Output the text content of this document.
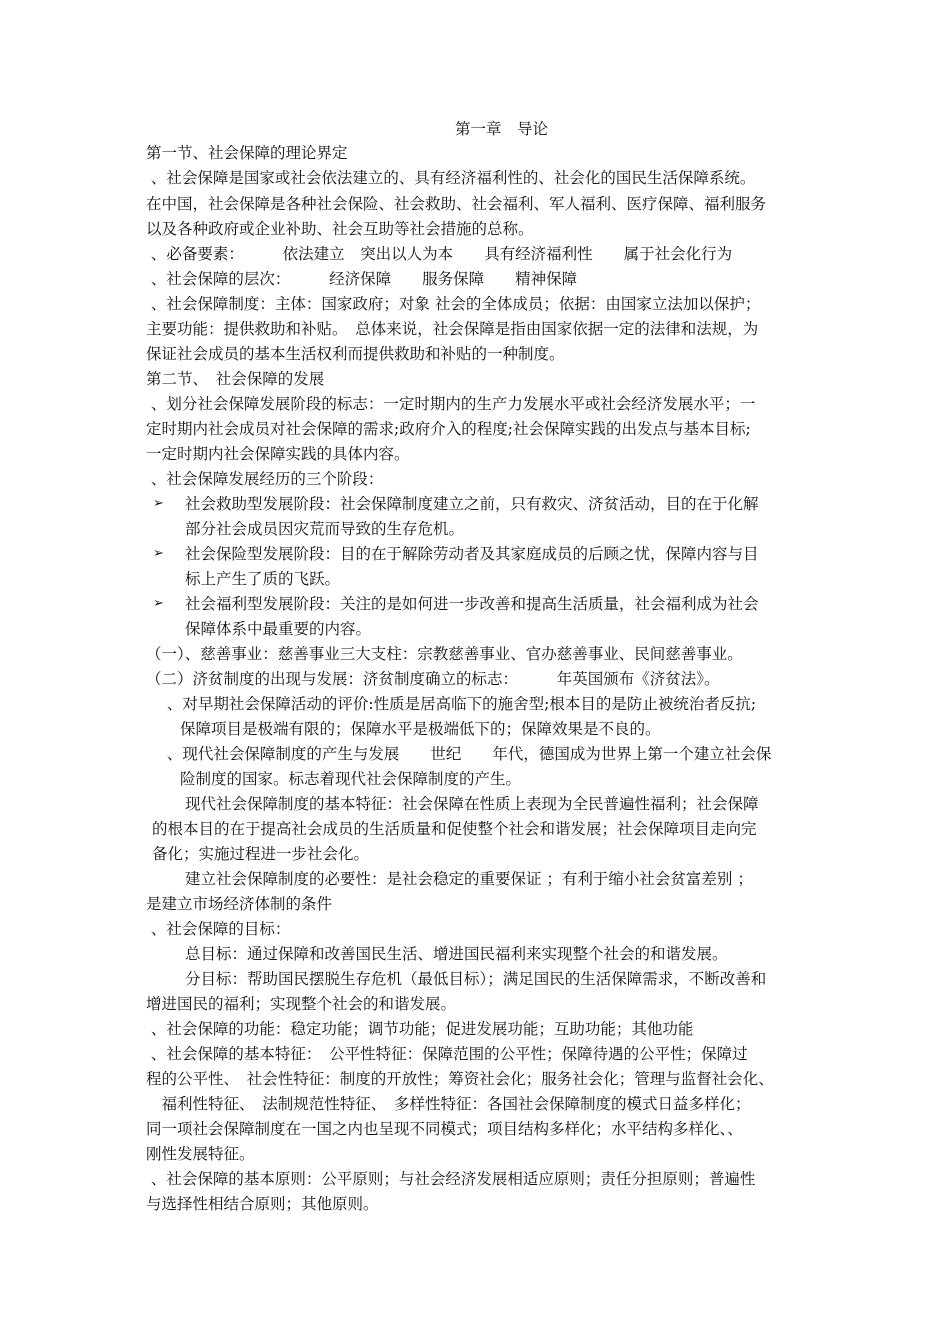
第一章　导论
第一节、社会保障的理论界定
、社会保障是国家或社会依法建立的、具有经济福利性的、社会化的国民生活保障系统。
在中国，社会保障是各种社会保险、社会救助、社会福利、军人福利、医疗保障、福利服务
以及各种政府或企业补助、社会互助等社会措施的总称。
、必备要素：　　　依法建立　突出以人为本　　具有经济福利性　　属于社会化行为
、社会保障的层次：　　　经济保障　　服务保障　　精神保障
、社会保障制度：主体：国家政府；对象 社会的全体成员；依据：由国家立法加以保护；
主要功能：提供救助和补贴。　总体来说，社会保障是指由国家依据一定的法律和法规，为
保证社会成员的基本生活权利而提供救助和补贴的一种制度。
第二节、　社会保障的发展
、划分社会保障发展阶段的标志：一定时期内的生产力发展水平或社会经济发展水平；一
定时期内社会成员对社会保障的需求;政府介入的程度;社会保障实践的出发点与基本目标;
一定时期内社会保障实践的具体内容。
、社会保障发展经历的三个阶段：
➢ 社会救助型发展阶段：社会保障制度建立之前，只有救灾、济贫活动，目的在于化解
部分社会成员因灾荒而导致的生存危机。
➢ 社会保险型发展阶段：目的在于解除劳动者及其家庭成员的后顾之忧，保障内容与目
标上产生了质的飞跃。
➢ 社会福利型发展阶段：关注的是如何进一步改善和提高生活质量，社会福利成为社会
保障体系中最重要的内容。
（一）、慈善事业：慈善事业三大支柱：宗教慈善事业、官办慈善事业、民间慈善事业。
（二）济贫制度的出现与发展：济贫制度确立的标志：　　　年英国颁布《济贫法》。
、对早期社会保障活动的评价:性质是居高临下的施舍型;根本目的是防止被统治者反抗;
保障项目是极端有限的；保障水平是极端低下的；保障效果是不良的。
、现代社会保障制度的产生与发展　　世纪　　年代，德国成为世界上第一个建立社会保
险制度的国家。标志着现代社会保障制度的产生。
现代社会保障制度的基本特征：社会保障在性质上表现为全民普遍性福利；社会保障
的根本目的在于提高社会成员的生活质量和促使整个社会和谐发展；社会保障项目走向完
备化；实施过程进一步社会化。
建立社会保障制度的必要性：是社会稳定的重要保证 ；有利于缩小社会贫富差别 ；
是建立市场经济体制的条件
、社会保障的目标：
总目标：通过保障和改善国民生活、增进国民福利来实现整个社会的和谐发展。
分目标：帮助国民摆脱生存危机（最低目标）；满足国民的生活保障需求，不断改善和
增进国民的福利；实现整个社会的和谐发展。
、社会保障的功能：稳定功能；调节功能；促进发展功能；互助功能；其他功能
、社会保障的基本特征：　公平性特征：保障范围的公平性；保障待遇的公平性；保障过
程的公平性、　社会性特征：制度的开放性；筹资社会化；服务社会化；管理与监督社会化、
　福利性特征、　法制规范性特征、　多样性特征：各国社会保障制度的模式日益多样化；
同一项社会保障制度在一国之内也呈现不同模式；项目结构多样化；水平结构多样化、、
刚性发展特征。
、社会保障的基本原则：公平原则；与社会经济发展相适应原则；责任分担原则；普遍性
与选择性相结合原则；其他原则。
